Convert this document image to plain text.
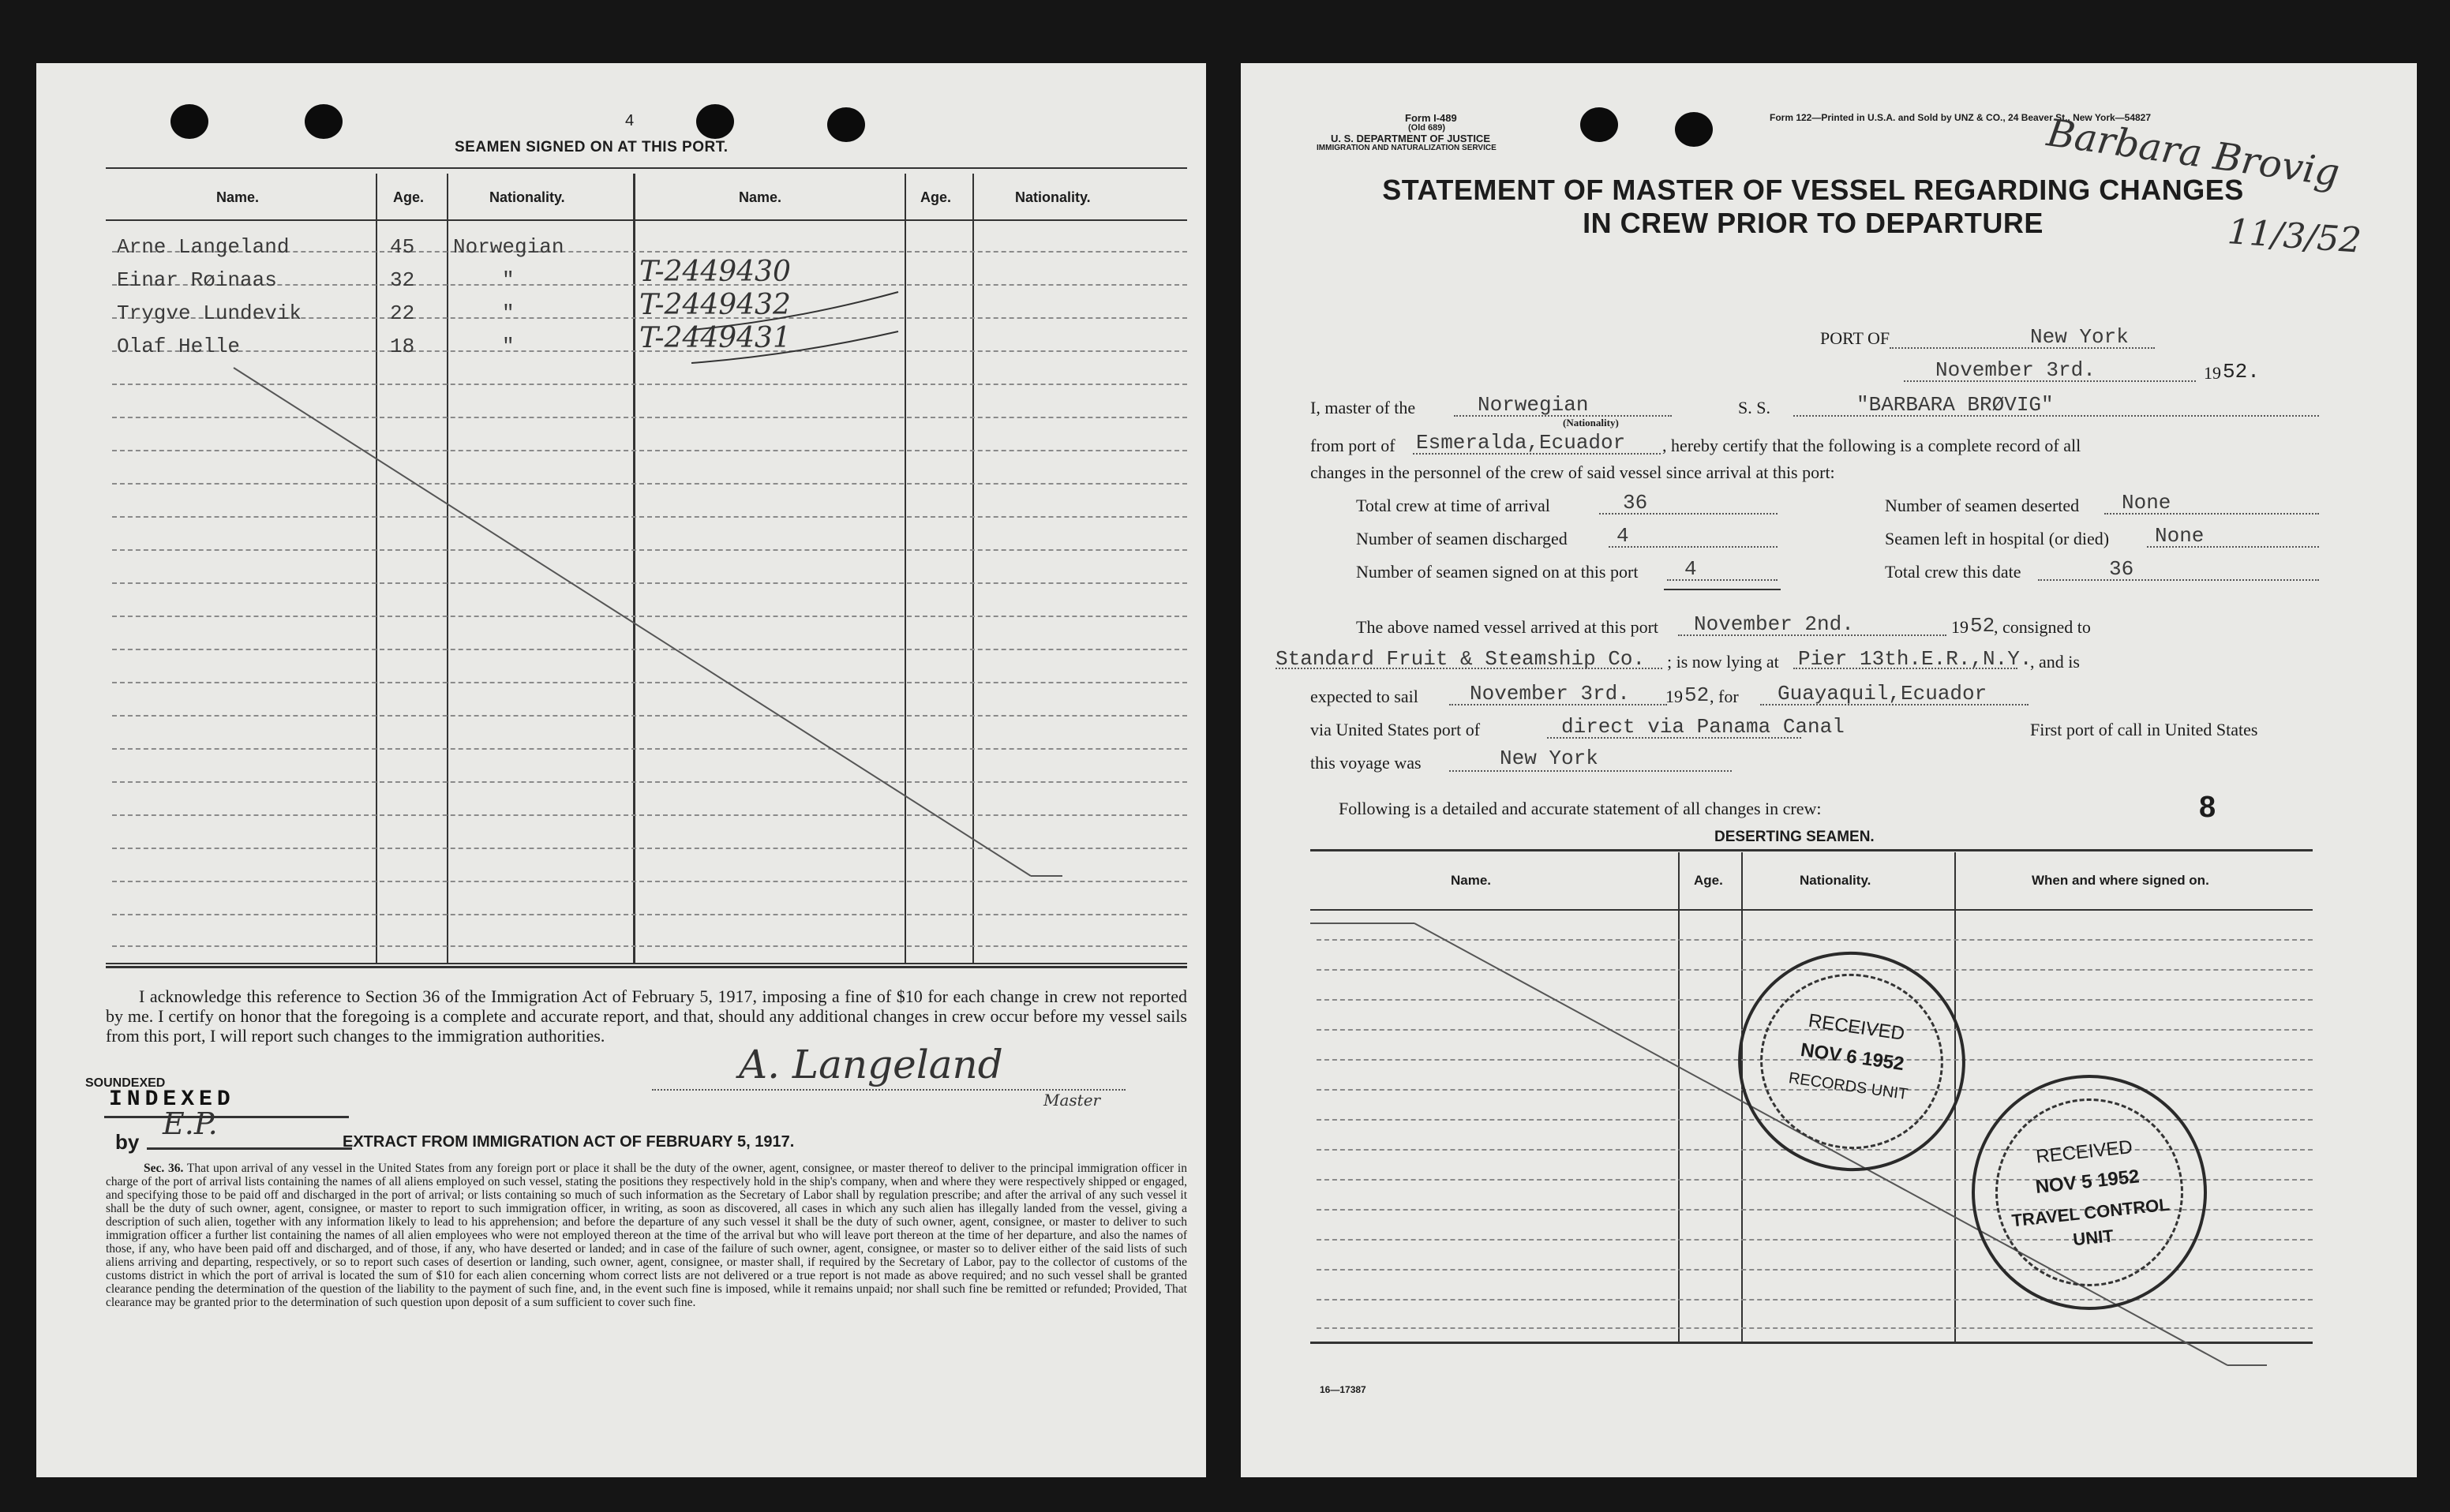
4
SEAMEN SIGNED ON AT THIS PORT.
Name.	Age.	Nationality.	Name.	Age.	Nationality.
Arne Langeland	45 Norwegian
Einar Røinaas	32	"	T-2449430
Trygve Lundevik	22	"	T-2449432
Olaf Helle	18	"	T-2449431
I acknowledge this reference to Section 36 of the Immigration Act of February 5, 1917, imposing a fine of $10 for each change in crew not reported by me. I certify on honor that the foregoing is a complete and accurate report, and that, should any additional changes in crew occur before my vessel sails from this port, I will report such changes to the immigration authorities.
SOUNDEXED
INDEXED
by
E.P.
A. Langeland
Master
EXTRACT FROM IMMIGRATION ACT OF FEBRUARY 5, 1917.
Sec. 36. That upon arrival of any vessel in the United States from any foreign port or place it shall be the duty of the owner, agent, consignee, or master thereof to deliver to the principal immigration officer in charge of the port of arrival lists containing the names of all aliens employed on such vessel, stating the positions they respectively hold in the ship's company, when and where they were respectively shipped or engaged, and specifying those to be paid off and discharged in the port of arrival; or lists containing so much of such information as the Secretary of Labor shall by regulation prescribe; and after the arrival of any such vessel it shall be the duty of such owner, agent, consignee, or master to report to such immigration officer, in writing, as soon as discovered, all cases in which any such alien has illegally landed from the vessel, giving a description of such alien, together with any information likely to lead to his apprehension; and before the departure of any such vessel it shall be the duty of such owner, agent, consignee, or master to deliver to such immigration officer a further list containing the names of all alien employees who were not employed thereon at the time of the arrival but who will leave port thereon at the time of her departure, and also the names of those, if any, who have been paid off and discharged, and of those, if any, who have deserted or landed; and in case of the failure of such owner, agent, consignee, or master so to deliver either of the said lists of such aliens arriving and departing, respectively, or so to report such cases of desertion or landing, such owner, agent, consignee, or master shall, if required by the Secretary of Labor, pay to the collector of customs of the customs district in which the port of arrival is located the sum of $10 for each alien concerning whom correct lists are not delivered or a true report is not made as above required; and no such vessel shall be granted clearance pending the determination of the question of the liability to the payment of such fine, and, in the event such fine is imposed, while it remains unpaid; nor shall such fine be remitted or refunded; Provided, That clearance may be granted prior to the determination of such question upon deposit of a sum sufficient to cover such fine.
Form I-489
(Old 689)
U. S. DEPARTMENT OF JUSTICE
IMMIGRATION AND NATURALIZATION SERVICE
Form 122—Printed in U.S.A. and Sold by UNZ & CO., 24 Beaver St., New York—54827
STATEMENT OF MASTER OF VESSEL REGARDING CHANGES
IN CREW PRIOR TO DEPARTURE
Barbara Brovig
11/3/52
PORT OF	New York
November 3rd.	19 52.
I, master of the	Norwegian
(Nationality)
S. S.	"BARBARA BRØVIG"
from port of Esmeralda,Ecuador , hereby certify that the following is a complete record of all
changes in the personnel of the crew of said vessel since arrival at this port:
Total crew at time of arrival	36	Number of seamen deserted None
Number of seamen discharged 4	Seamen left in hospital (or died) None
Number of seamen signed on at this port 4	Total crew this date	36
The above named vessel arrived at this port November 2nd.	19 52
, consigned to
Standard Fruit & Steamship Co. ; is now lying at Pier 13th.E.R.,N.Y.
, and is
expected to sail	November 3rd. 19 52 , for Guayaquil,Ecuador
via United States port of	direct via Panama Canal	First port of call in United States
this voyage was	New York
Following is a detailed and accurate statement of all changes in crew:	8
DESERTING SEAMEN.
Name.	Age.	Nationality.	When and where signed on.
RECEIVED
NOV 6 1952
RECORDS UNIT
RECEIVED
NOV 5 1952
TRAVEL CONTROL
UNIT
16—17387
